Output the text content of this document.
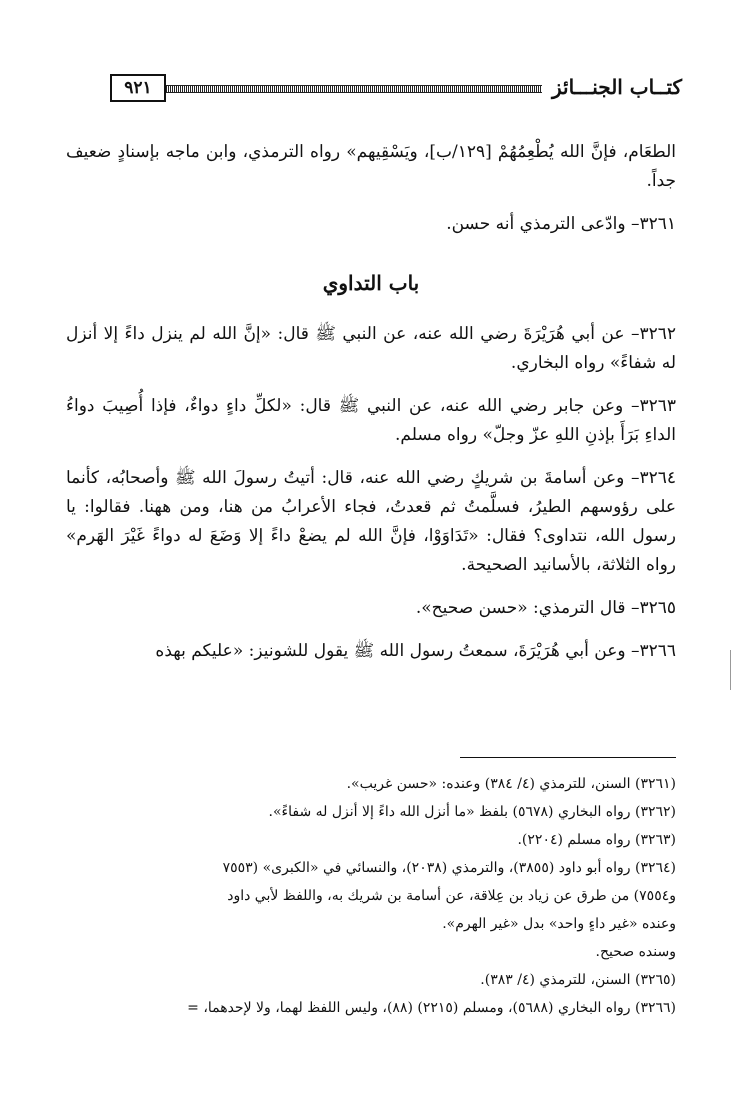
كتــاب الجنـــائز
٩٢١

الطعَام، فإنَّ الله يُطْعِمُهُمْ [١٢٩/ب]، ويَسْقِيهم» رواه الترمذي، وابن ماجه بإسنادٍ ضعيف جداً.

٣٢٦١– وادّعى الترمذي أنه حسن.

باب التداوي

٣٢٦٢– عن أبي هُرَيْرَةَ رضي الله عنه، عن النبي ﷺ قال: «إنَّ الله لم ينزل داءً إلا أنزل له شفاءً» رواه البخاري.

٣٢٦٣– وعن جابر رضي الله عنه، عن النبي ﷺ قال: «لكلِّ داءٍ دواءٌ، فإذا أُصِيبَ دواءُ الداءِ بَرَأَ بإذنِ اللهِ عزّ وجلّ» رواه مسلم.

٣٢٦٤– وعن أسامةَ بن شريكٍ رضي الله عنه، قال: أتيتُ رسولَ الله ﷺ وأصحابُه، كأنما على رؤوسهم الطيرُ، فسلَّمتُ ثم قعدتُ، فجاء الأعرابُ من هنا، ومن ههنا. فقالوا: يا رسول الله، نتداوى؟ فقال: «تَدَاوَوْا، فإنَّ الله لم يضعْ داءً إلا وَضَعَ له دواءً غَيْرَ الهَرم» رواه الثلاثة، بالأسانيد الصحيحة.

٣٢٦٥– قال الترمذي: «حسن صحيح».

٣٢٦٦– وعن أبي هُرَيْرَةَ، سمعتُ رسول الله ﷺ يقول للشونيز: «عليكم بهذه

(٣٢٦١) السنن، للترمذي (٤/ ٣٨٤) وعنده: «حسن غريب».
(٣٢٦٢) رواه البخاري (٥٦٧٨) بلفظ «ما أنزل الله داءً إلا أنزل له شفاءً».
(٣٢٦٣) رواه مسلم (٢٢٠٤).
(٣٢٦٤) رواه أبو داود (٣٨٥٥)، والترمذي (٢٠٣٨)، والنسائي في «الكبرى» (٧٥٥٣
و٧٥٥٤) من طرق عن زياد بن عِلاقة، عن أسامة بن شريك به، واللفظ لأبي داود
وعنده «غير داءٍ واحد» بدل «غير الهرم».
وسنده صحيح.
(٣٢٦٥) السنن، للترمذي (٤/ ٣٨٣).
(٣٢٦٦) رواه البخاري (٥٦٨٨)، ومسلم (٢٢١٥) (٨٨)، وليس اللفظ لهما، ولا لإحدهما، =
